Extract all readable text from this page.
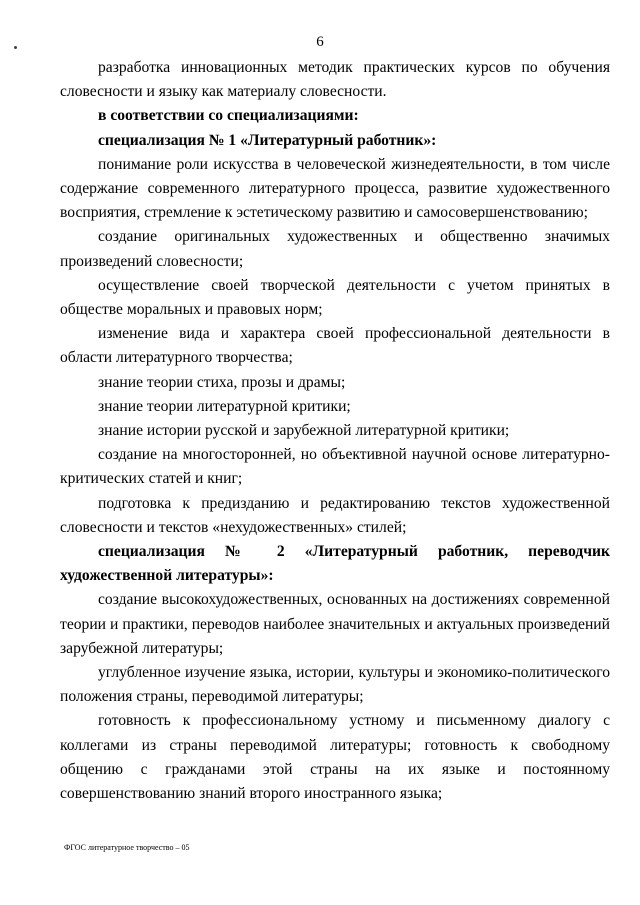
6

разработка инновационных методик практических курсов по обучения словесности и языку как материалу словесности.

в соответствии со специализациями:

специализация № 1 «Литературный работник»:

понимание роли искусства в человеческой жизнедеятельности, в том числе содержание современного литературного процесса, развитие художественного восприятия, стремление к эстетическому развитию и самосовершенствованию;

создание оригинальных художественных и общественно значимых произведений словесности;

осуществление своей творческой деятельности с учетом принятых в обществе моральных и правовых норм;

изменение вида и характера своей профессиональной деятельности в области литературного творчества;

знание теории стиха, прозы и драмы;

знание теории литературной критики;

знание истории русской и зарубежной литературной критики;

создание на многосторонней, но объективной научной основе литературно-критических статей и книг;

подготовка к предизданию и редактированию текстов художественной словесности и текстов «нехудожественных» стилей;

специализация № 2 «Литературный работник, переводчик художественной литературы»:

создание высокохудожественных, основанных на достижениях современной теории и практики, переводов наиболее значительных и актуальных произведений зарубежной литературы;

углубленное изучение языка, истории, культуры и экономико-политического положения страны, переводимой литературы;

готовность к профессиональному устному и письменному диалогу с коллегами из страны переводимой литературы; готовность к свободному общению с гражданами этой страны на их языке и постоянному совершенствованию знаний второго иностранного языка;

ФГОС литературное творчество – 05
